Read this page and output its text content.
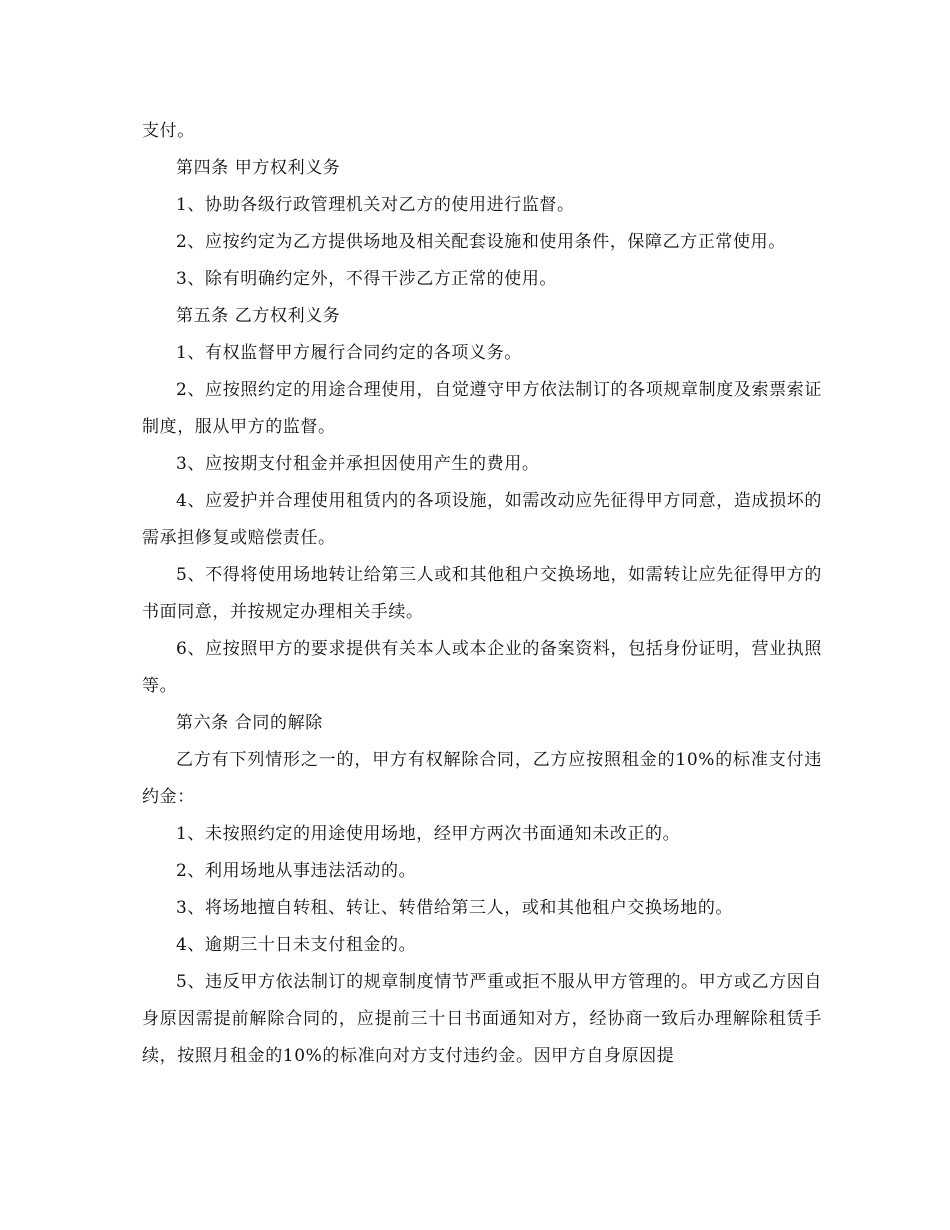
支付。

第四条 甲方权利义务

1、协助各级行政管理机关对乙方的使用进行监督。

2、应按约定为乙方提供场地及相关配套设施和使用条件，保障乙方正常使用。

3、除有明确约定外，不得干涉乙方正常的使用。

第五条 乙方权利义务

1、有权监督甲方履行合同约定的各项义务。

2、应按照约定的用途合理使用，自觉遵守甲方依法制订的各项规章制度及索票索证制度，服从甲方的监督。

3、应按期支付租金并承担因使用产生的费用。

4、应爱护并合理使用租赁内的各项设施，如需改动应先征得甲方同意，造成损坏的需承担修复或赔偿责任。

5、不得将使用场地转让给第三人或和其他租户交换场地，如需转让应先征得甲方的书面同意，并按规定办理相关手续。

6、应按照甲方的要求提供有关本人或本企业的备案资料，包括身份证明，营业执照等。

第六条 合同的解除

乙方有下列情形之一的，甲方有权解除合同，乙方应按照租金的10%的标准支付违约金：

1、未按照约定的用途使用场地，经甲方两次书面通知未改正的。

2、利用场地从事违法活动的。

3、将场地擅自转租、转让、转借给第三人，或和其他租户交换场地的。

4、逾期三十日未支付租金的。

5、违反甲方依法制订的规章制度情节严重或拒不服从甲方管理的。甲方或乙方因自身原因需提前解除合同的，应提前三十日书面通知对方，经协商一致后办理解除租赁手续，按照月租金的10%的标准向对方支付违约金。因甲方自身原因提
